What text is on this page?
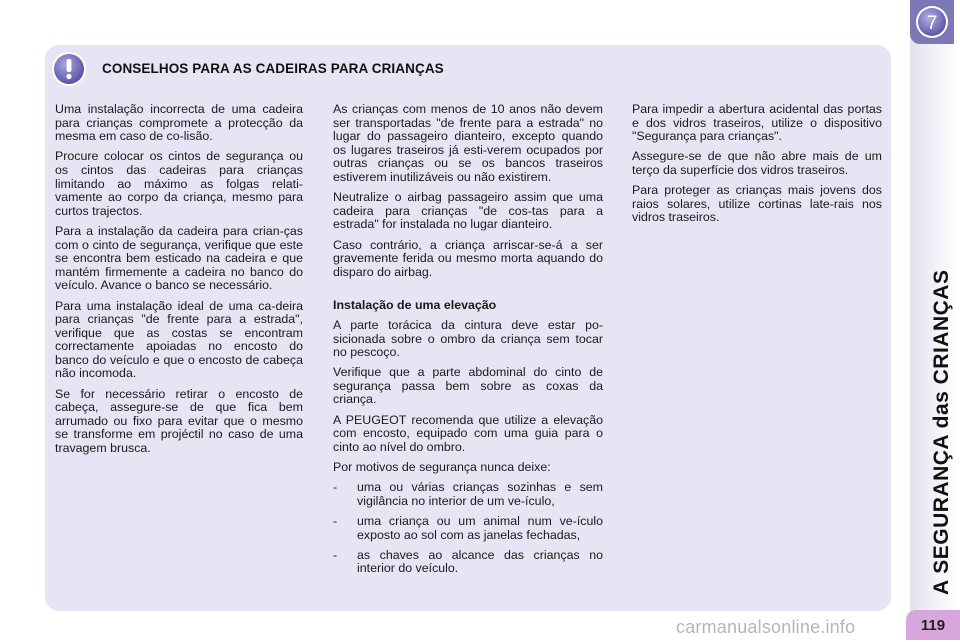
CONSELHOS PARA AS CADEIRAS PARA CRIANÇAS

Uma instalação incorrecta de uma cadeira para crianças compromete a protecção da mesma em caso de co-lisão.

Procure colocar os cintos de segurança ou os cintos das cadeiras para crianças limitando ao máximo as folgas relati-vamente ao corpo da criança, mesmo para curtos trajectos.

Para a instalação da cadeira para crian-ças com o cinto de segurança, verifique que este se encontra bem esticado na cadeira e que mantém firmemente a cadeira no banco do veículo. Avance o banco se necessário.

Para uma instalação ideal de uma ca-deira para crianças "de frente para a estrada", verifique que as costas se encontram correctamente apoiadas no encosto do banco do veículo e que o encosto de cabeça não incomoda.

Se for necessário retirar o encosto de cabeça, assegure-se de que fica bem arrumado ou fixo para evitar que o mesmo se transforme em projéctil no caso de uma travagem brusca.

As crianças com menos de 10 anos não devem ser transportadas "de frente para a estrada" no lugar do passageiro dianteiro, excepto quando os lugares traseiros já esti-verem ocupados por outras crianças ou se os bancos traseiros estiverem inutilizáveis ou não existirem.

Neutralize o airbag passageiro assim que uma cadeira para crianças "de cos-tas para a estrada" for instalada no lugar dianteiro.

Caso contrário, a criança arriscar-se-á a ser gravemente ferida ou mesmo morta aquando do disparo do airbag.

Instalação de uma elevação

A parte torácica da cintura deve estar po-sicionada sobre o ombro da criança sem tocar no pescoço.

Verifique que a parte abdominal do cinto de segurança passa bem sobre as coxas da criança.

A PEUGEOT recomenda que utilize a elevação com encosto, equipado com uma guia para o cinto ao nível do ombro.

Por motivos de segurança nunca deixe:

-	uma ou várias crianças sozinhas e sem vigilância no interior de um ve-ículo,
-	uma criança ou um animal num ve-ículo exposto ao sol com as janelas fechadas,
-	as chaves ao alcance das crianças no interior do veículo.

Para impedir a abertura acidental das portas e dos vidros traseiros, utilize o dispositivo "Segurança para crianças".

Assegure-se de que não abre mais de um terço da superfície dos vidros traseiros.

Para proteger as crianças mais jovens dos raios solares, utilize cortinas late-rais nos vidros traseiros.

7
A SEGURANÇA das CRIANÇAS
119
carmanualsonline.info
